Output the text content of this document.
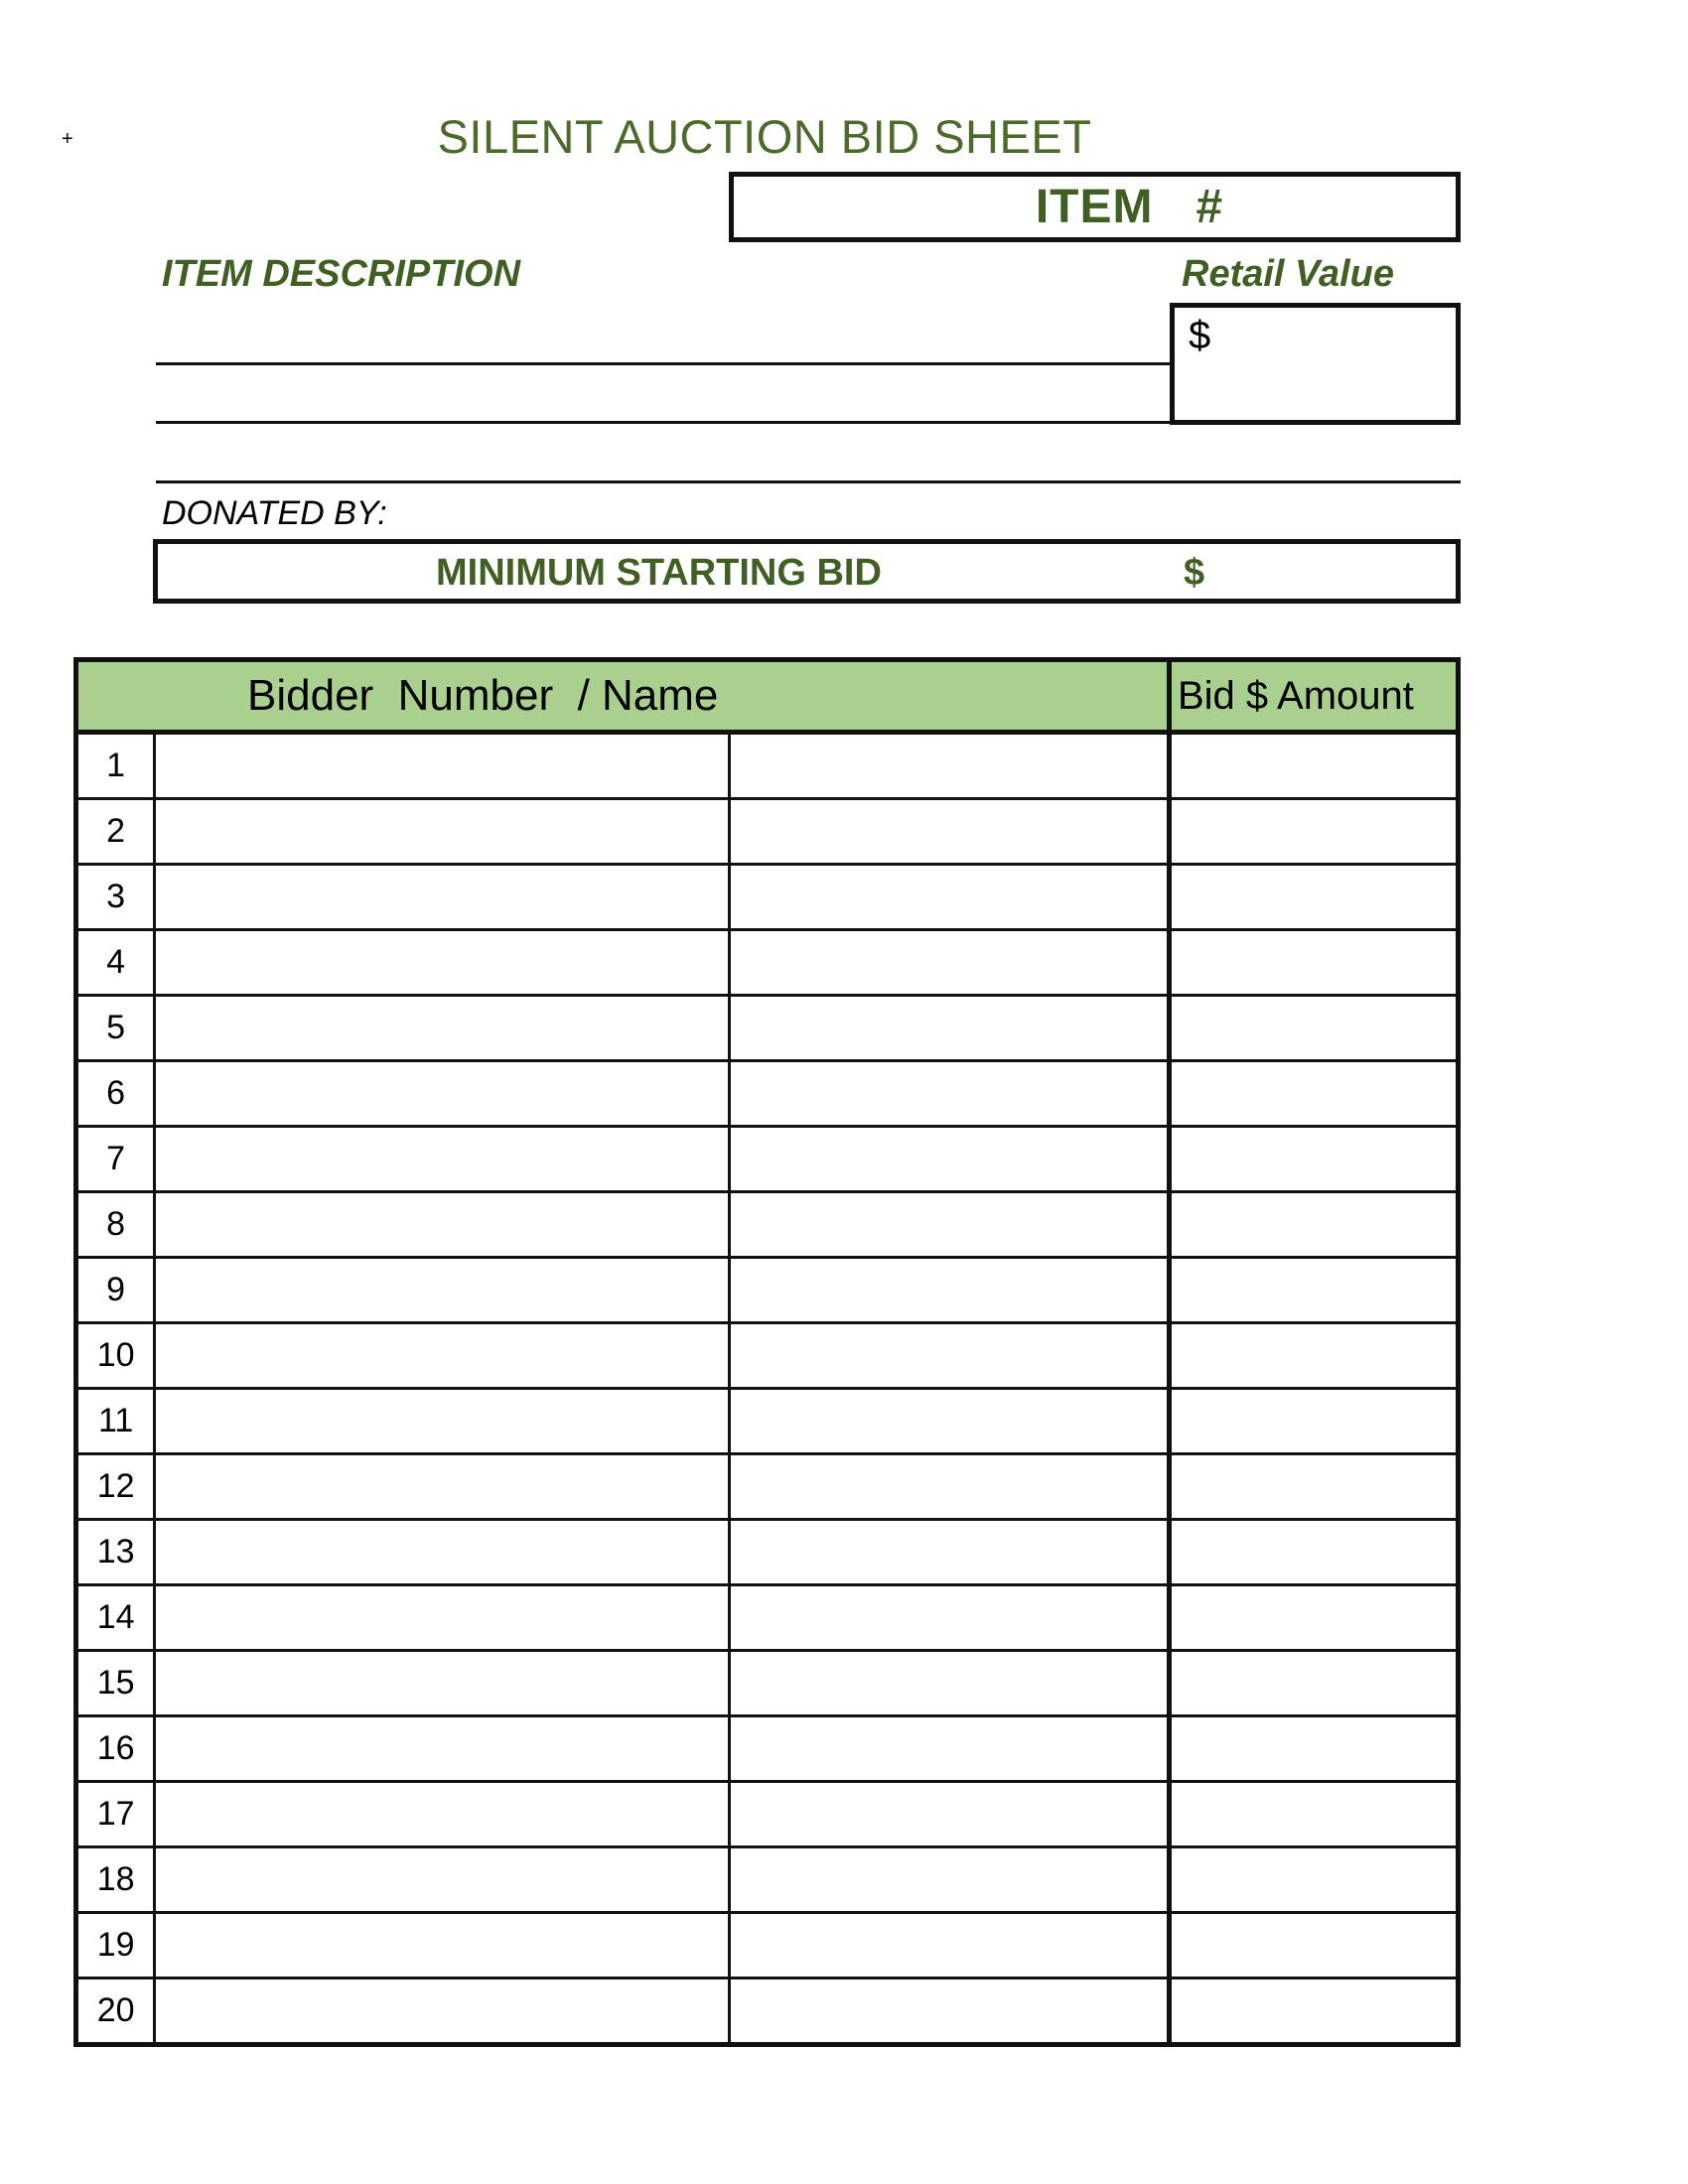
+	SILENT AUCTION BID SHEET
ITEM   #
ITEM DESCRIPTION	Retail Value
$
DONATED BY:
MINIMUM STARTING BID	$
Bidder  Number  / Name			Bid $ Amount
1			
2			
3			
4			
5			
6			
7			
8			
9			
10			
11			
12			
13			
14			
15			
16			
17			
18			
19			
20			
